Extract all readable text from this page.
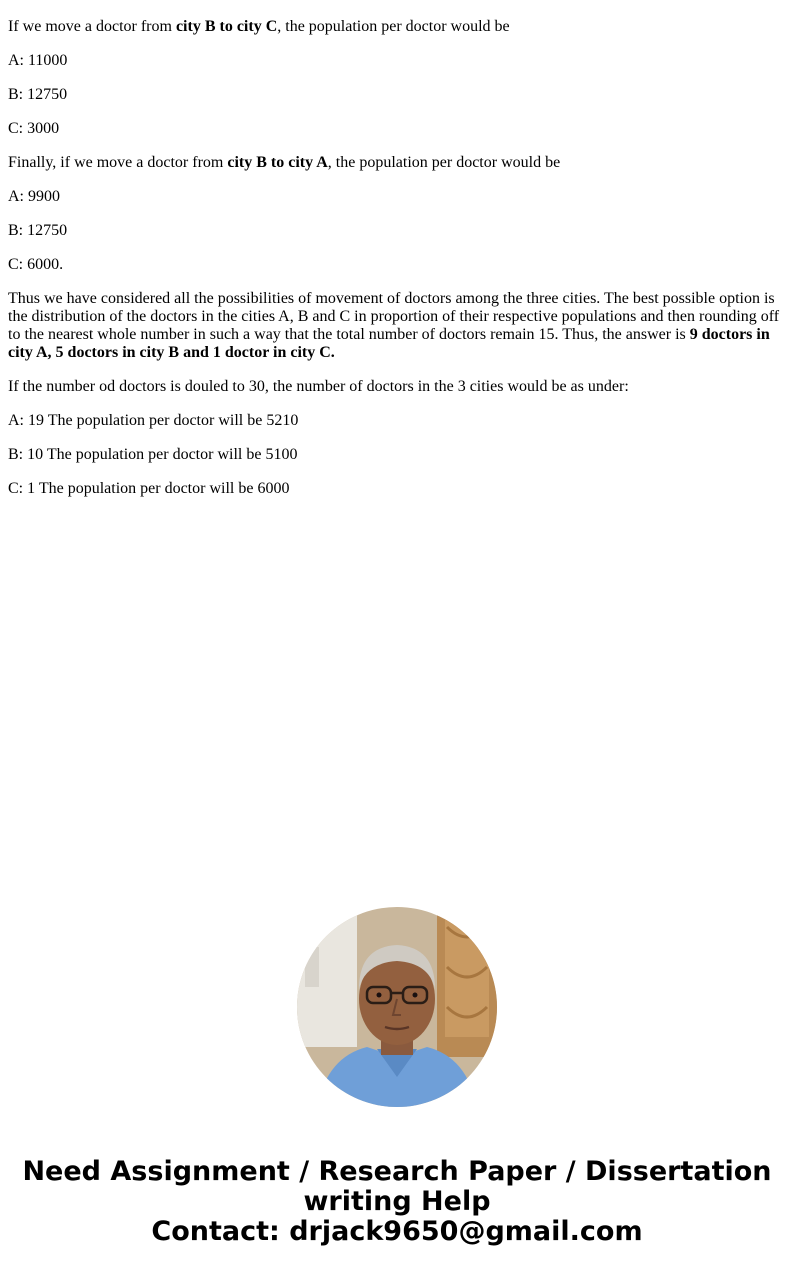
If we move a doctor from city B to city C, the population per doctor would be

A: 11000

B: 12750

C: 3000

Finally, if we move a doctor from city B to city A, the population per doctor would be

A: 9900

B: 12750

C: 6000.

Thus we have considered all the possibilities of movement of doctors among the three cities. The best possible option is the distribution of the doctors in the cities A, B and C in proportion of their respective populations and then rounding off to the nearest whole number in such a way that the total number of doctors remain 15. Thus, the answer is 9 doctors in city A, 5 doctors in city B and 1 doctor in city C.

If the number od doctors is douled to 30, the number of doctors in the 3 cities would be as under:

A: 19 The population per doctor will be 5210

B: 10 The population per doctor will be 5100

C: 1 The population per doctor will be 6000

Need Assignment / Research Paper / Dissertation writing Help
Contact: drjack9650@gmail.com
